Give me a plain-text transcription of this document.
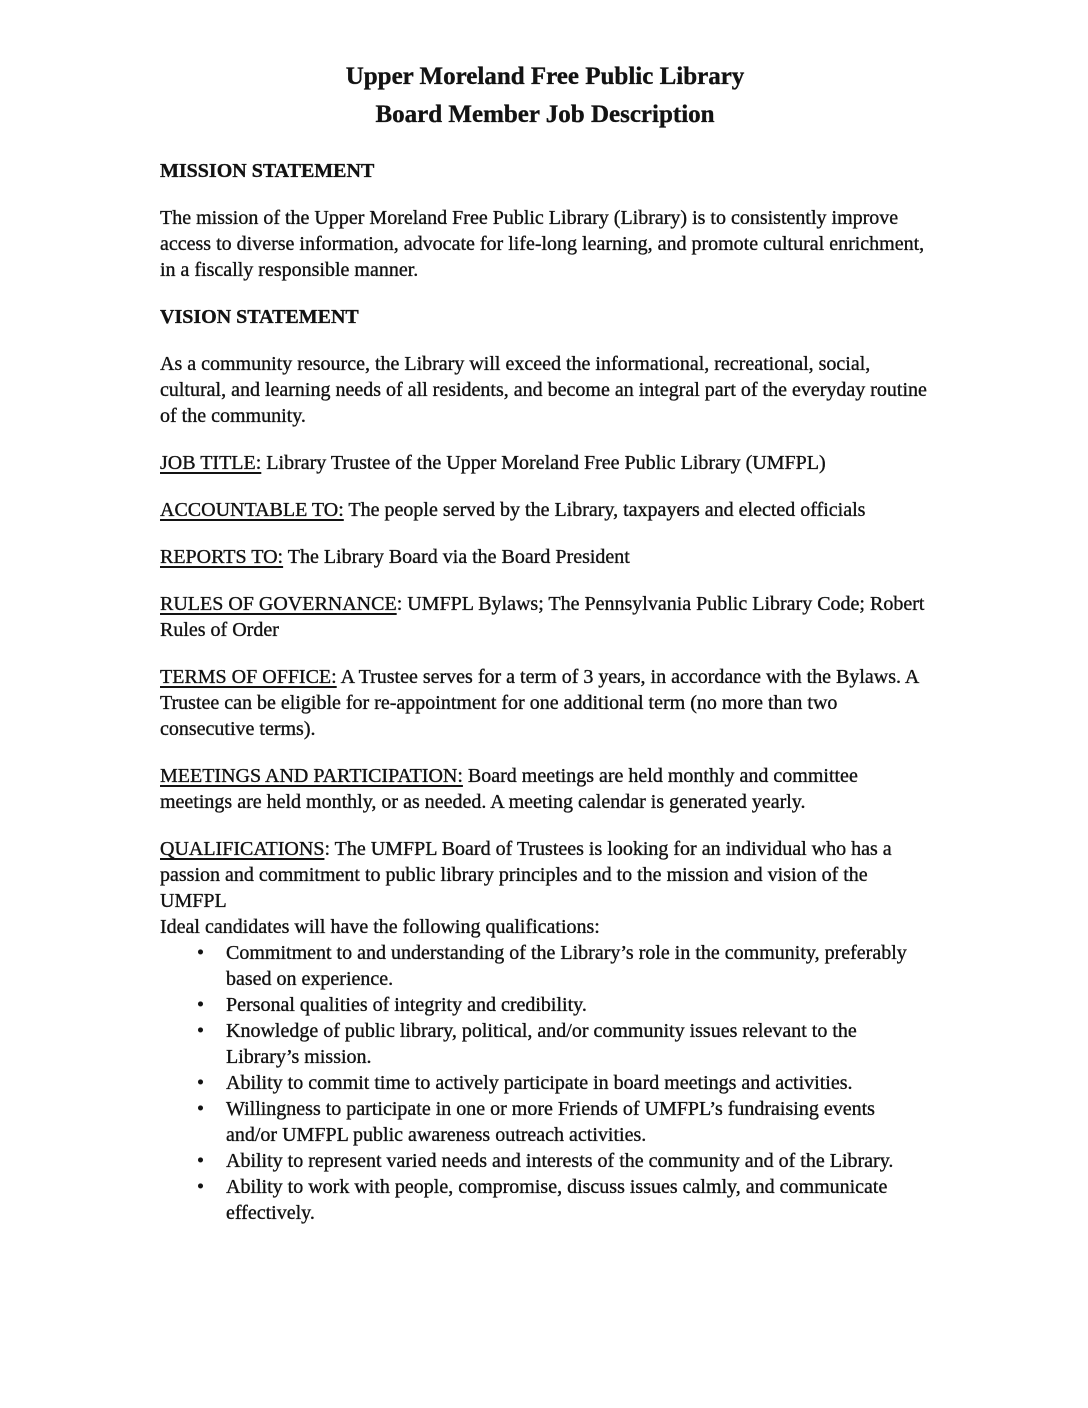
Upper Moreland Free Public Library
Board Member Job Description
MISSION STATEMENT

The mission of the Upper Moreland Free Public Library (Library) is to consistently improve access to diverse information, advocate for life-long learning, and promote cultural enrichment, in a fiscally responsible manner.

VISION STATEMENT

As a community resource, the Library will exceed the informational, recreational, social, cultural, and learning needs of all residents, and become an integral part of the everyday routine of the community.

JOB TITLE: Library Trustee of the Upper Moreland Free Public Library (UMFPL)

ACCOUNTABLE TO: The people served by the Library, taxpayers and elected officials

REPORTS TO: The Library Board via the Board President

RULES OF GOVERNANCE: UMFPL Bylaws; The Pennsylvania Public Library Code; Robert Rules of Order

TERMS OF OFFICE: A Trustee serves for a term of 3 years, in accordance with the Bylaws. A Trustee can be eligible for re-appointment for one additional term (no more than two consecutive terms).

MEETINGS AND PARTICIPATION: Board meetings are held monthly and committee meetings are held monthly, or as needed. A meeting calendar is generated yearly.

QUALIFICATIONS: The UMFPL Board of Trustees is looking for an individual who has a passion and commitment to public library principles and to the mission and vision of the UMFPL

Ideal candidates will have the following qualifications:

• Commitment to and understanding of the Library’s role in the community, preferably based on experience.
• Personal qualities of integrity and credibility.
• Knowledge of public library, political, and/or community issues relevant to the Library’s mission.
• Ability to commit time to actively participate in board meetings and activities.
• Willingness to participate in one or more Friends of UMFPL’s fundraising events and/or UMFPL public awareness outreach activities.
• Ability to represent varied needs and interests of the community and of the Library.
• Ability to work with people, compromise, discuss issues calmly, and communicate effectively.
